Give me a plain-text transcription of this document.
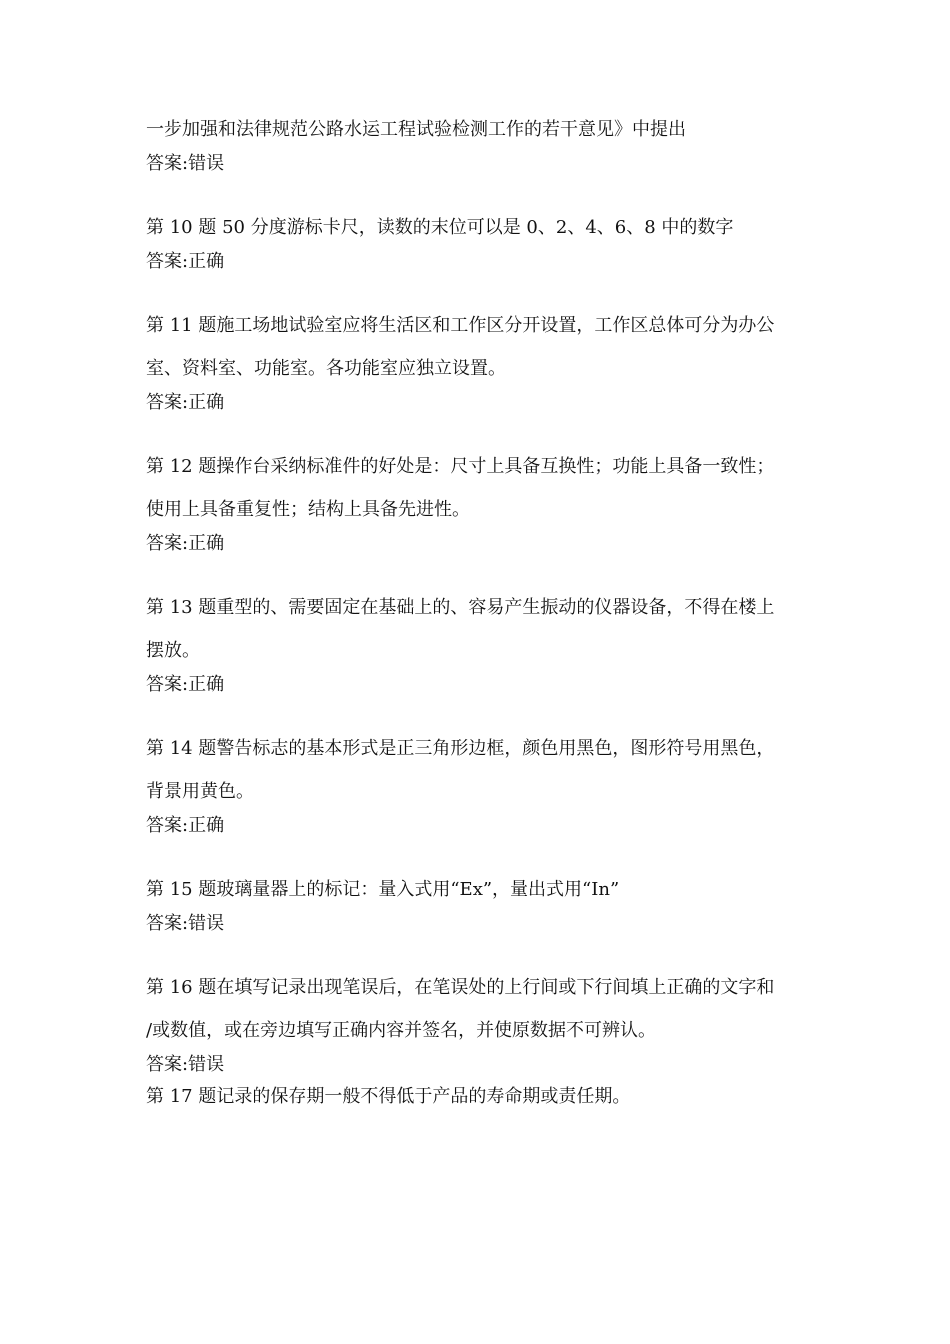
一步加强和法律规范公路水运工程试验检测工作的若干意见》中提出

答案:错误

第 10 题 50 分度游标卡尺，读数的末位可以是 0、2、4、6、8 中的数字

答案:正确

第 11 题施工场地试验室应将生活区和工作区分开设置，工作区总体可分为办公

室、资料室、功能室。各功能室应独立设置。

答案:正确

第 12 题操作台采纳标准件的好处是：尺寸上具备互换性；功能上具备一致性；

使用上具备重复性；结构上具备先进性。

答案:正确

第 13 题重型的、需要固定在基础上的、容易产生振动的仪器设备，不得在楼上

摆放。

答案:正确

第 14 题警告标志的基本形式是正三角形边框，颜色用黑色，图形符号用黑色，

背景用黄色。

答案:正确

第 15 题玻璃量器上的标记：量入式用“Ex”，量出式用“In”

答案:错误

第 16 题在填写记录出现笔误后，在笔误处的上行间或下行间填上正确的文字和

/或数值，或在旁边填写正确内容并签名，并使原数据不可辨认。

答案:错误

第 17 题记录的保存期一般不得低于产品的寿命期或责任期。
